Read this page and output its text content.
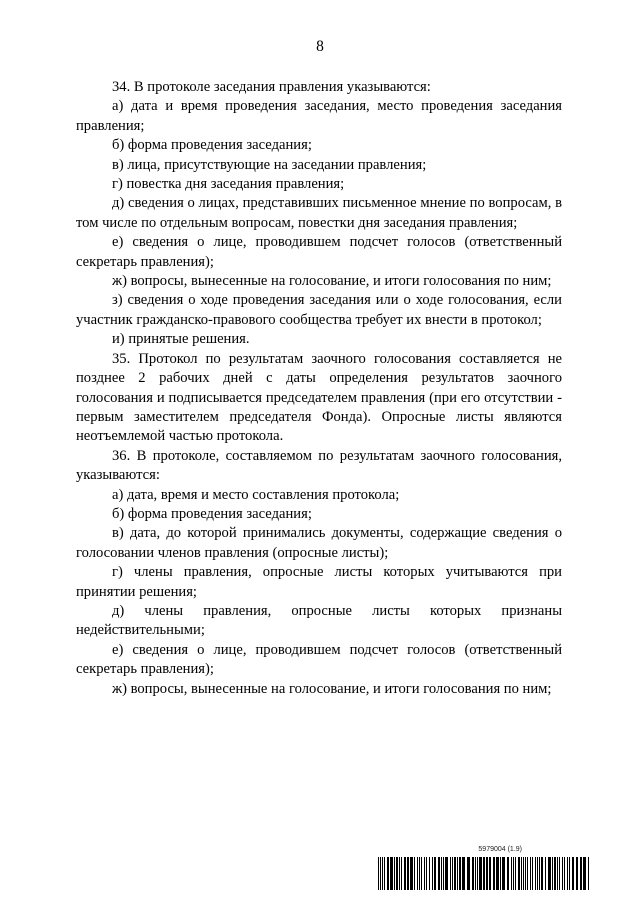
8

34. В протоколе заседания правления указываются:

а) дата и время проведения заседания, место проведения заседания правления;

б) форма проведения заседания;

в) лица, присутствующие на заседании правления;

г) повестка дня заседания правления;

д) сведения о лицах, представивших письменное мнение по вопросам, в том числе по отдельным вопросам, повестки дня заседания правления;

е) сведения о лице, проводившем подсчет голосов (ответственный секретарь правления);

ж) вопросы, вынесенные на голосование, и итоги голосования по ним;

з) сведения о ходе проведения заседания или о ходе голосования, если участник гражданско-правового сообщества требует их внести в протокол;

и) принятые решения.

35. Протокол по результатам заочного голосования составляется не позднее 2 рабочих дней с даты определения результатов заочного голосования и подписывается председателем правления (при его отсутствии - первым заместителем председателя Фонда). Опросные листы являются неотъемлемой частью протокола.

36. В протоколе, составляемом по результатам заочного голосования, указываются:

а) дата, время и место составления протокола;

б) форма проведения заседания;

в) дата, до которой принимались документы, содержащие сведения о голосовании членов правления (опросные листы);

г) члены правления, опросные листы которых учитываются при принятии решения;

д) члены правления, опросные листы которых признаны недействительными;

е) сведения о лице, проводившем подсчет голосов (ответственный секретарь правления);

ж) вопросы, вынесенные на голосование, и итоги голосования по ним;

5979004 (1.9)
